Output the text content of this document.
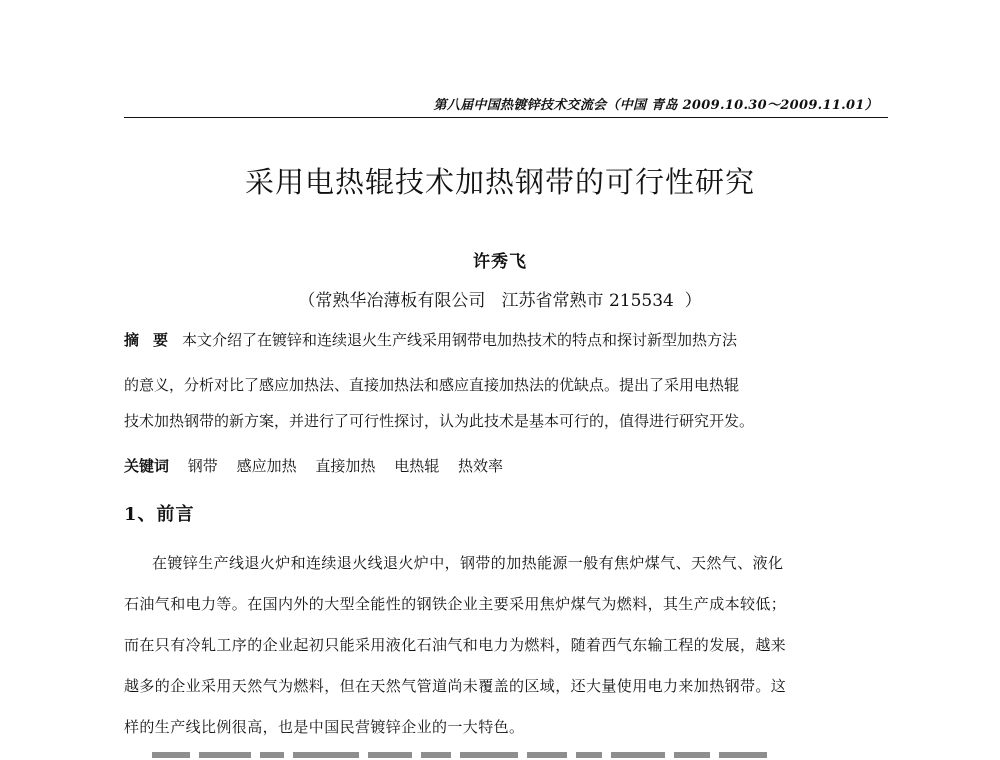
第八届中国热镀锌技术交流会（中国 青岛 2009.10.30～2009.11.01）
采用电热辊技术加热钢带的可行性研究
许秀飞
（常熟华冶薄板有限公司   江苏省常熟市 215534  ）
摘要本文介绍了在镀锌和连续退火生产线采用钢带电加热技术的特点和探讨新型加热方法
的意义，分析对比了感应加热法、直接加热法和感应直接加热法的优缺点。提出了采用电热辊
技术加热钢带的新方案，并进行了可行性探讨，认为此技术是基本可行的，值得进行研究开发。
关键词 钢带 感应加热 直接加热 电热辊 热效率
1、前言
在镀锌生产线退火炉和连续退火线退火炉中，钢带的加热能源一般有焦炉煤气、天然气、液化
石油气和电力等。在国内外的大型全能性的钢铁企业主要采用焦炉煤气为燃料，其生产成本较低；
而在只有冷轧工序的企业起初只能采用液化石油气和电力为燃料，随着西气东输工程的发展，越来
越多的企业采用天然气为燃料，但在天然气管道尚未覆盖的区域，还大量使用电力来加热钢带。这
样的生产线比例很高，也是中国民营镀锌企业的一大特色。
